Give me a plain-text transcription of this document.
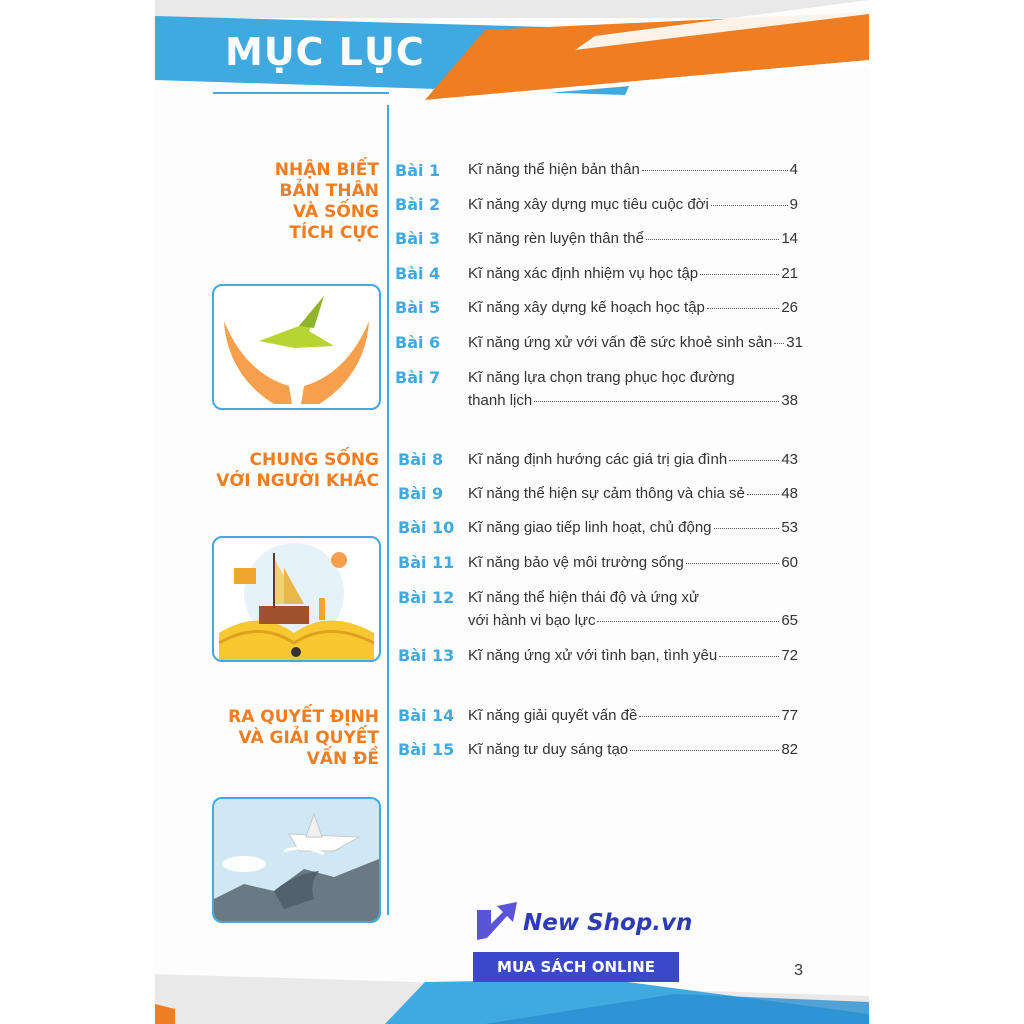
MỤC LỤC
NHẬN BIẾT
BẢN THÂN
VÀ SỐNG
TÍCH CỰC
CHUNG SỐNG
VỚI NGƯỜI KHÁC
RA QUYẾT ĐỊNH
VÀ GIẢI QUYẾT
VẤN ĐỀ
Bài 1 Kĩ năng thể hiện bản thân	4
Bài 2 Kĩ năng xây dựng mục tiêu cuộc đời	9
Bài 3 Kĩ năng rèn luyện thân thể	14
Bài 4 Kĩ năng xác định nhiệm vụ học tập	21
Bài 5 Kĩ năng xây dựng kế hoạch học tập	26
Bài 6 Kĩ năng ứng xử với vấn đề sức khoẻ sinh sản 31
Bài 7 Kĩ năng lựa chọn trang phục học đường
thanh lịch	38
Bài 8 Kĩ năng định hướng các giá trị gia đình	43
Bài 9 Kĩ năng thể hiện sự cảm thông và chia sẻ 48
Bài 10 Kĩ năng giao tiếp linh hoạt, chủ động	53
Bài 11 Kĩ năng bảo vệ môi trường sống	60
Bài 12 Kĩ năng thể hiện thái độ và ứng xử
với hành vi bạo lực	65
Bài 13 Kĩ năng ứng xử với tình bạn, tình yêu	72
Bài 14 Kĩ năng giải quyết vấn đề	77
Bài 15 Kĩ năng tư duy sáng tạo	82
New Shop.vn
MUA SÁCH ONLINE	3
